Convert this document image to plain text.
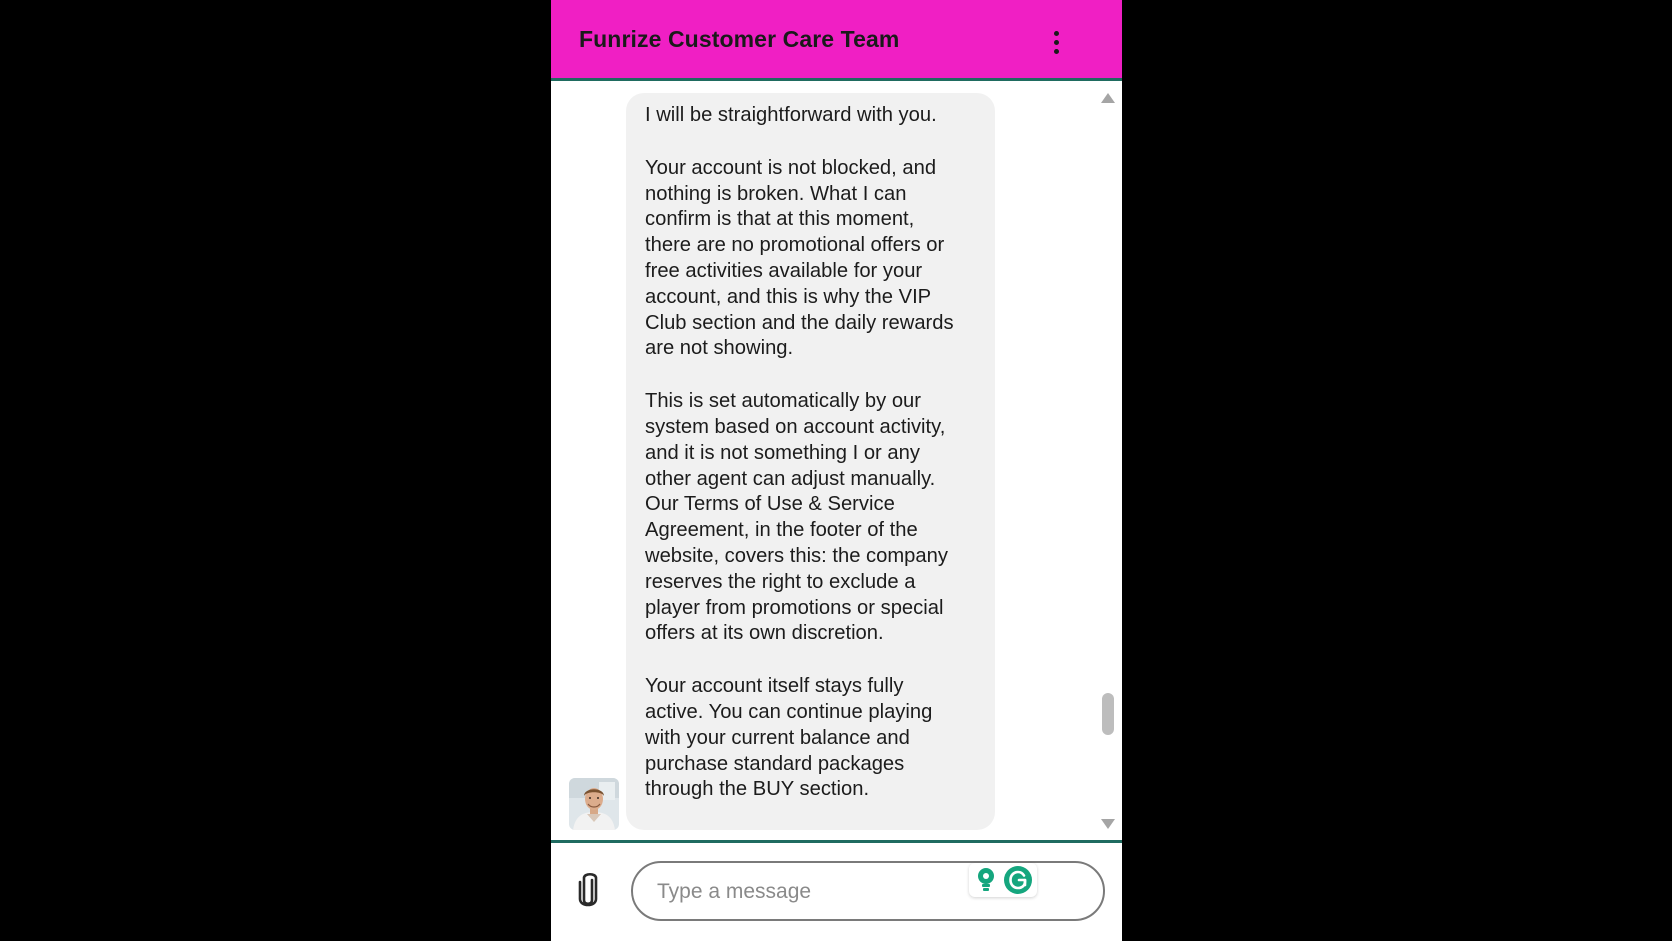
Funrize Customer Care Team

I will be straightforward with you.

Your account is not blocked, and
nothing is broken. What I can
confirm is that at this moment,
there are no promotional offers or
free activities available for your
account, and this is why the VIP
Club section and the daily rewards
are not showing.

This is set automatically by our
system based on account activity,
and it is not something I or any
other agent can adjust manually.
Our Terms of Use & Service
Agreement, in the footer of the
website, covers this: the company
reserves the right to exclude a
player from promotions or special
offers at its own discretion.

Your account itself stays fully
active. You can continue playing
with your current balance and
purchase standard packages
through the BUY section.

Type a message
